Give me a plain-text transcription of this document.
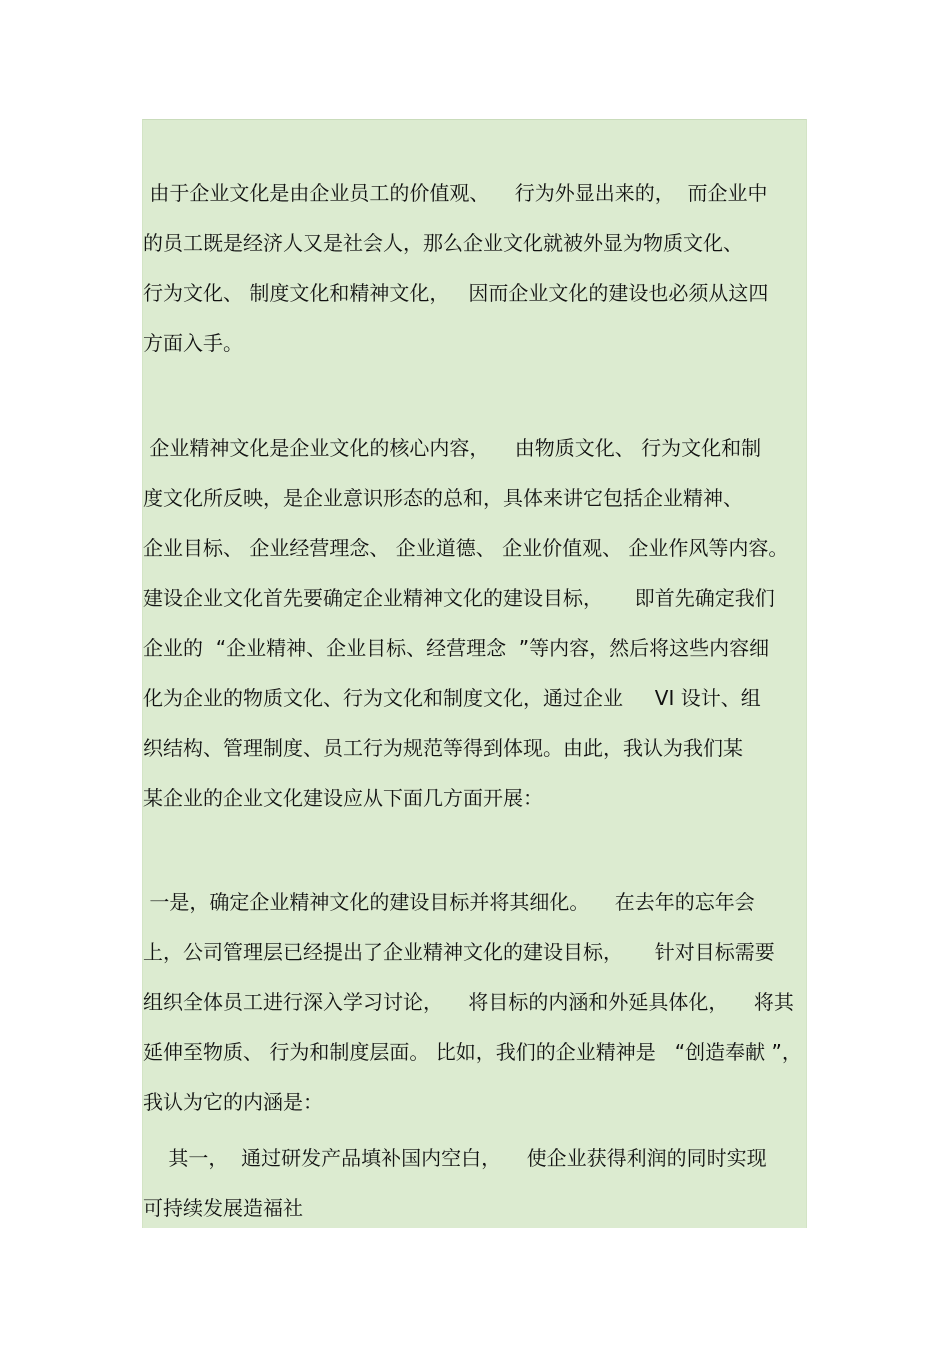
由于企业文化是由企业员工的价值观、    行为外显出来的，  而企业中
的员工既是经济人又是社会人，那么企业文化就被外显为物质文化、
行为文化、 制度文化和精神文化，   因而企业文化的建设也必须从这四
方面入手。
企业精神文化是企业文化的核心内容，    由物质文化、 行为文化和制
度文化所反映，是企业意识形态的总和，具体来讲它包括企业精神、
企业目标、 企业经营理念、 企业道德、 企业价值观、 企业作风等内容。
建设企业文化首先要确定企业精神文化的建设目标，     即首先确定我们
企业的  “企业精神、企业目标、经营理念  ”等内容，然后将这些内容细
化为企业的物质文化、行为文化和制度文化，通过企业     VI 设计、组
织结构、管理制度、员工行为规范等得到体现。由此，我认为我们某
某企业的企业文化建设应从下面几方面开展：
一是，确定企业精神文化的建设目标并将其细化。    在去年的忘年会
上，公司管理层已经提出了企业精神文化的建设目标，     针对目标需要
组织全体员工进行深入学习讨论，    将目标的内涵和外延具体化，    将其
延伸至物质、 行为和制度层面。 比如，我们的企业精神是   “创造奉献 ”，
我认为它的内涵是：
其一，  通过研发产品填补国内空白，    使企业获得利润的同时实现
可持续发展造福社
